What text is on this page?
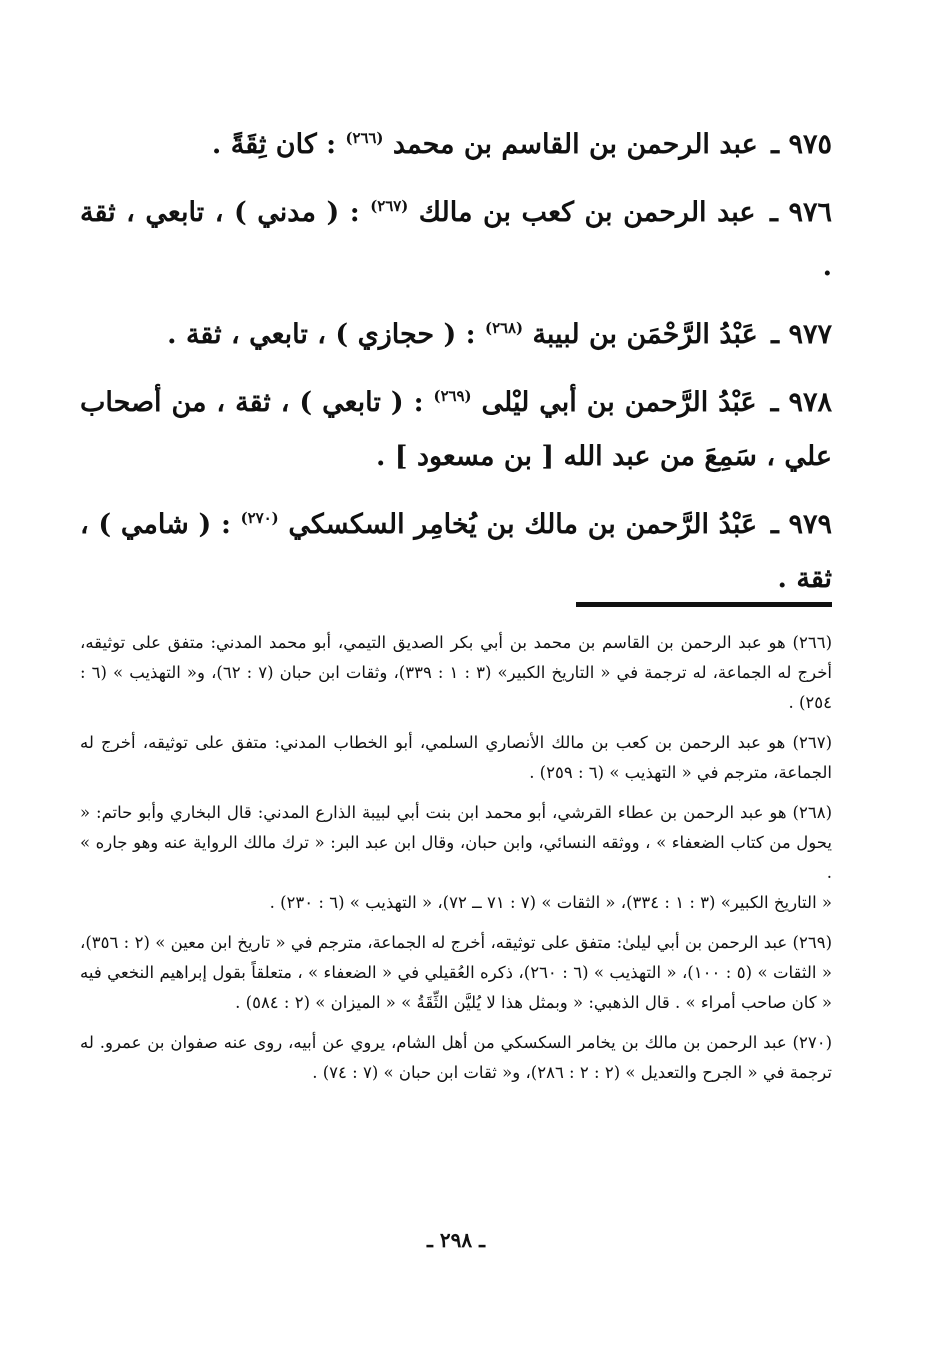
٩٧٥ ـ عبد الرحمن بن القاسم بن محمد $^{(٢٦٦)}$ : كان ثِقَةً .

٩٧٦ ـ عبد الرحمن بن كعب بن مالك $^{(٢٦٧)}$ : ( مدني ) ، تابعي ، ثقة .

٩٧٧ ـ عَبْدُ الرَّحْمَن بن لبيبة $^{(٢٦٨)}$ : ( حجازي ) ، تابعي ، ثقة .

٩٧٨ ـ عَبْدُ الرَّحمن بن أبي ليْلى $^{(٢٦٩)}$ : ( تابعي ) ، ثقة ، من أصحاب علي ، سَمِعَ من عبد الله [ بن مسعود ] .

٩٧٩ ـ عَبْدُ الرَّحمن بن مالك بن يُخامِر السكسكي $^{(٢٧٠)}$ : ( شامي ) ، ثقة .

(٢٦٦) هو عبد الرحمن بن القاسم بن محمد بن أبي بكر الصديق التيمي، أبو محمد المدني: متفق على توثيقه، أخرج له الجماعة، له ترجمة في « التاريخ الكبير» (٣ : ١ : ٣٣٩)، وثقات ابن حبان (٧ : ٦٢)، و« التهذيب » (٦ : ٢٥٤) .

(٢٦٧) هو عبد الرحمن بن كعب بن مالك الأنصاري السلمي، أبو الخطاب المدني: متفق على توثيقه، أخرج له الجماعة، مترجم في « التهذيب » (٦ : ٢٥٩) .

(٢٦٨) هو عبد الرحمن بن عطاء القرشي، أبو محمد ابن بنت أبي لبيبة الذارع المدني: قال البخاري وأبو حاتم: « يحول من كتاب الضعفاء » ، ووثقه النسائي، وابن حبان، وقال ابن عبد البر: « ترك مالك الرواية عنه وهو جاره » .

« التاريخ الكبير» (٣ : ١ : ٣٣٤)، « الثقات » (٧ : ٧١ ــ ٧٢)، « التهذيب » (٦ : ٢٣٠) .

(٢٦٩) عبد الرحمن بن أبي ليلىٰ: متفق على توثيقه، أخرج له الجماعة، مترجم في « تاريخ ابن معين » (٢ : ٣٥٦)، « الثقات » (٥ : ١٠٠)، « التهذيب » (٦ : ٢٦٠)، ذكره العُقيلي في « الضعفاء » ، متعلقاً بقول إبراهيم النخعي فيه « كان صاحب أمراء » . قال الذهبي: « وبمثل هذا لا يُليَّن الثِّقَةُ » « الميزان » (٢ : ٥٨٤) .

(٢٧٠) عبد الرحمن بن مالك بن يخامر السكسكي من أهل الشام، يروي عن أبيه، روى عنه صفوان بن عمرو. له ترجمة في « الجرح والتعديل » (٢ : ٢ : ٢٨٦)، و« ثقات ابن حبان » (٧ : ٧٤) .

ـ ٢٩٨ ـ
